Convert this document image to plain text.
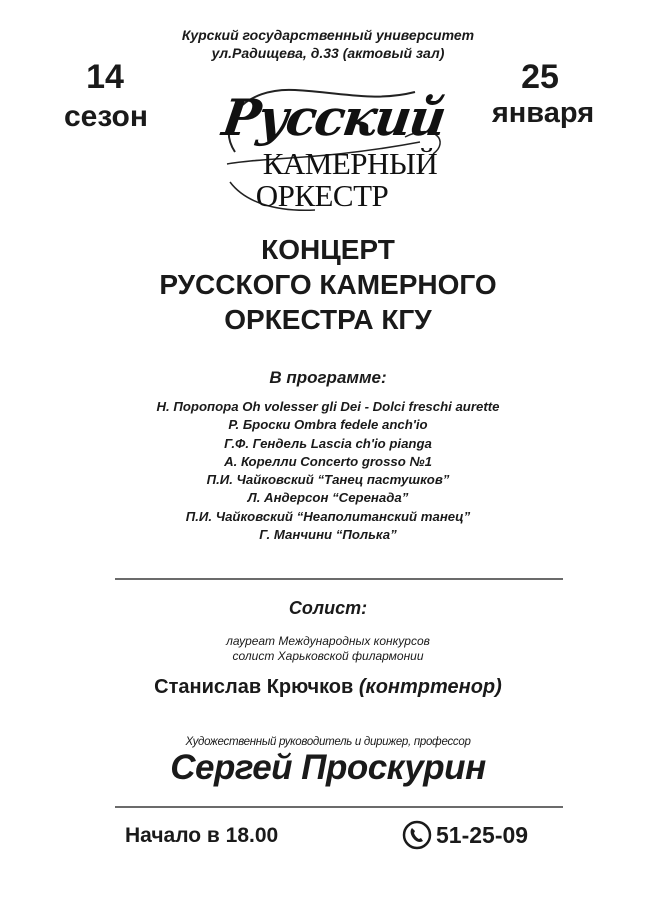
Курский государственный университет
ул.Радищева, д.33 (актовый зал)
14
сезон
25
января
Русский
КАМЕРНЫЙ
ОРКЕСТР
КОНЦЕРТ
РУССКОГО КАМЕРНОГО
ОРКЕСТРА КГУ
В программе:
Н. Поропора Oh volesser gli Dei - Dolci freschi aurette
Р. Броски Ombra fedele anch'io
Г.Ф. Гендель Lascia ch'io pianga
А. Корелли Concerto grosso №1
П.И. Чайковский “Танец пастушков”
Л. Андерсон “Серенада”
П.И. Чайковский “Неаполитанский танец”
Г. Манчини “Полька”
Солист:
лауреат Международных конкурсов
солист Харьковской филармонии
Станислав Крючков (контртенор)
Художественный руководитель и дирижер, профессор
Сергей Проскурин
Начало в 18.00	51-25-09
